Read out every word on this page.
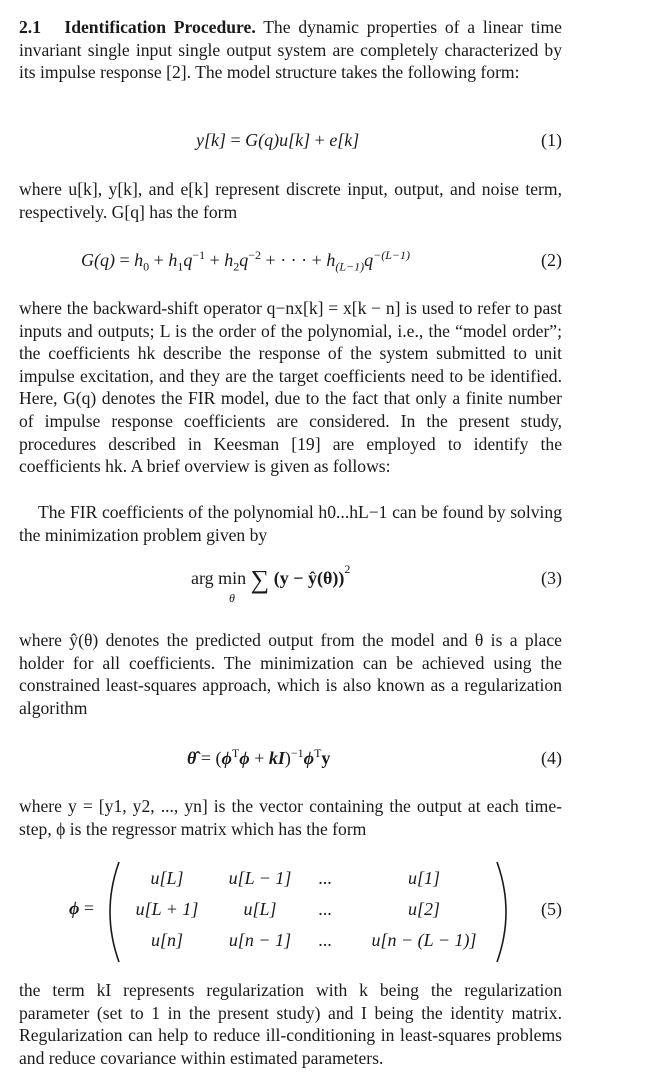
2.1 Identification Procedure. The dynamic properties of a linear time invariant single input single output system are completely characterized by its impulse response [2]. The model structure takes the following form:

y[k] = G(q)u[k] + e[k]	(1)

where u[k], y[k], and e[k] represent discrete input, output, and noise term, respectively. G[q] has the form

$G(q) = h_0 + h_1q^{-1} + h_2q^{-2}$ + · · · + $h_{(L-1)}q^{-(L-1)}$	(2)

where the backward-shift operator q−nx[k] = x[k − n] is used to refer to past inputs and outputs; L is the order of the polynomial, i.e., the “model order”; the coefficients hk describe the response of the system submitted to unit impulse excitation, and they are the target coefficients need to be identified. Here, G(q) denotes the FIR model, due to the fact that only a finite number of impulse response coefficients are considered. In the present study, procedures described in Keesman [19] are employed to identify the coefficients hk. A brief overview is given as follows:

The FIR coefficients of the polynomial h0...hL−1 can be found by solving the minimization problem given by

arg min
θ
∑ (y − ŷ(θ))$^2$	(3)

where ŷ(θ) denotes the predicted output from the model and θ is a place holder for all coefficients. The minimization can be achieved using the constrained least-squares approach, which is also known as a regularization algorithm

θ̂ = $(\phi^T\phi + kI)^{-1}\phi^Ty$	(4)

where y = [y1, y2, ..., yn] is the vector containing the output at each time-step, ϕ is the regressor matrix which has the form

ϕ =
u[L]	u[L − 1]	...	u[1]
u[L + 1]	u[L]	...	u[2]
u[n]	u[n − 1]	...	u[n − (L − 1)]
(5)

the term kI represents regularization with k being the regularization parameter (set to 1 in the present study) and I being the identity matrix. Regularization can help to reduce ill-conditioning in least-squares problems and reduce covariance within estimated parameters.
